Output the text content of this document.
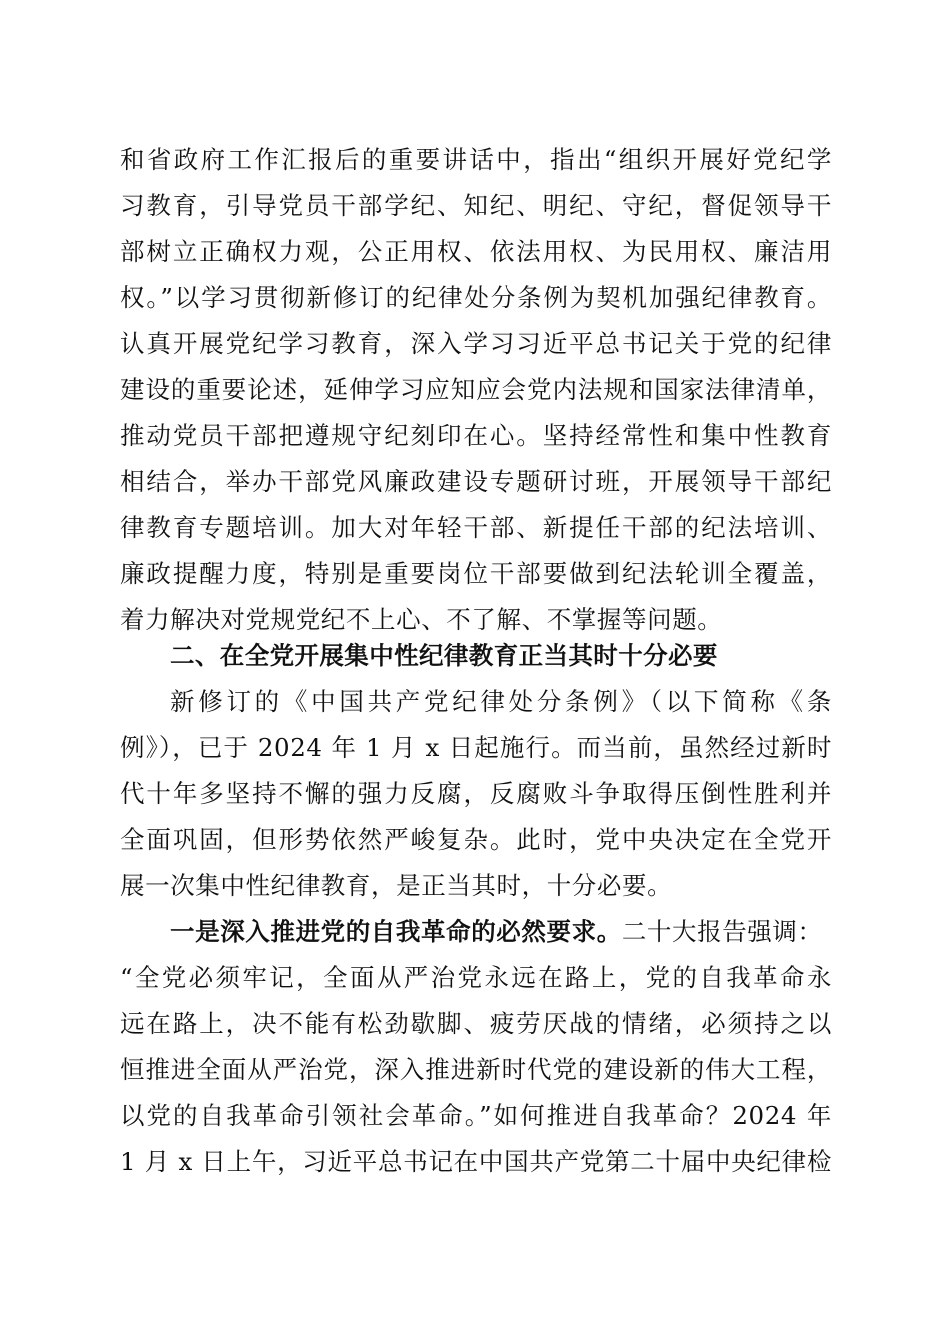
和省政府工作汇报后的重要讲话中，指出“组织开展好党纪学
习教育，引导党员干部学纪、知纪、明纪、守纪，督促领导干
部树立正确权力观，公正用权、依法用权、为民用权、廉洁用
权。”以学习贯彻新修订的纪律处分条例为契机加强纪律教育。
认真开展党纪学习教育，深入学习习近平总书记关于党的纪律
建设的重要论述，延伸学习应知应会党内法规和国家法律清单，
推动党员干部把遵规守纪刻印在心。坚持经常性和集中性教育
相结合，举办干部党风廉政建设专题研讨班，开展领导干部纪
律教育专题培训。加大对年轻干部、新提任干部的纪法培训、
廉政提醒力度，特别是重要岗位干部要做到纪法轮训全覆盖，
着力解决对党规党纪不上心、不了解、不掌握等问题。
二、在全党开展集中性纪律教育正当其时十分必要
新修订的《中国共产党纪律处分条例》（以下简称《条
例》），已于 2024 年 1 月 x 日起施行。而当前，虽然经过新时
代十年多坚持不懈的强力反腐，反腐败斗争取得压倒性胜利并
全面巩固，但形势依然严峻复杂。此时，党中央决定在全党开
展一次集中性纪律教育，是正当其时，十分必要。
一是深入推进党的自我革命的必然要求。二十大报告强调：
“全党必须牢记，全面从严治党永远在路上，党的自我革命永
远在路上，决不能有松劲歇脚、疲劳厌战的情绪，必须持之以
恒推进全面从严治党，深入推进新时代党的建设新的伟大工程，
以党的自我革命引领社会革命。”如何推进自我革命？2024 年
1 月 x 日上午，习近平总书记在中国共产党第二十届中央纪律检
